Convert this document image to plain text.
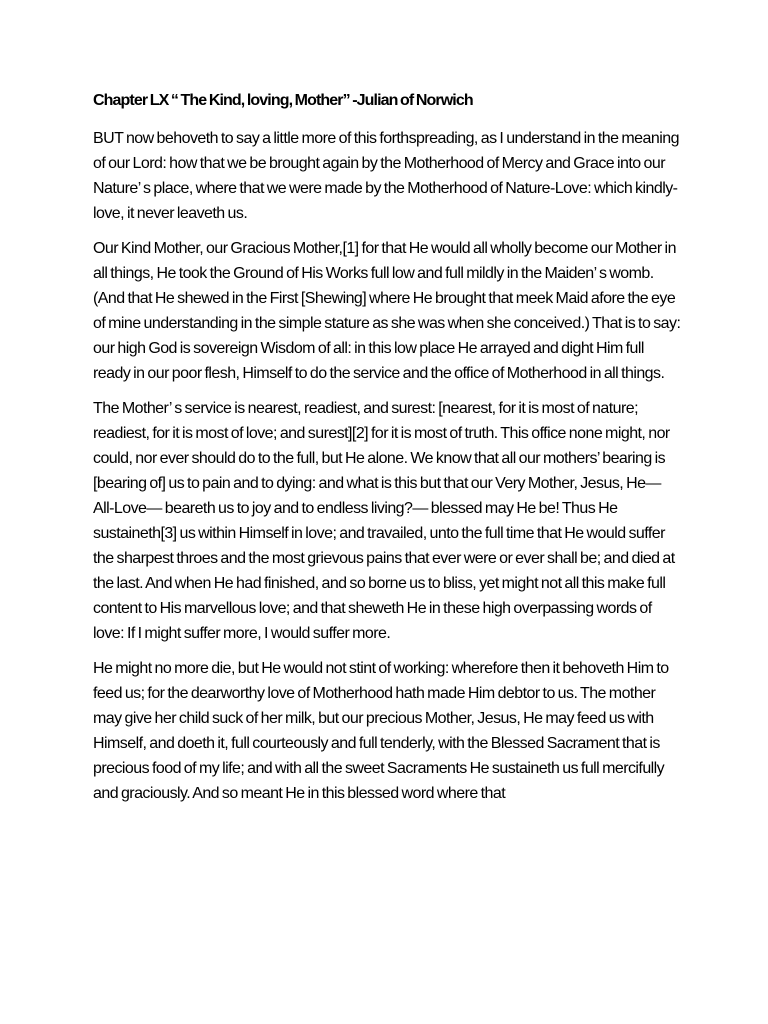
Chapter LX “ The Kind, loving, Mother” -Julian of Norwich

BUT now behoveth to say a little more of this forthspreading, as I understand in the meaning of our Lord: how that we be brought again by the Motherhood of Mercy and Grace into our Nature’ s place, where that we were made by the Motherhood of Nature-Love: which kindly-love, it never leaveth us.

Our Kind Mother, our Gracious Mother,[1] for that He would all wholly become our Mother in all things, He took the Ground of His Works full low and full mildly in the Maiden’ s womb. (And that He shewed in the First [Shewing] where He brought that meek Maid afore the eye of mine understanding in the simple stature as she was when she conceived.) That is to say: our high God is sovereign Wisdom of all: in this low place He arrayed and dight Him full ready in our poor flesh, Himself to do the service and the office of Motherhood in all things.

The Mother’ s service is nearest, readiest, and surest: [nearest, for it is most of nature; readiest, for it is most of love; and surest][2] for it is most of truth. This office none might, nor could, nor ever should do to the full, but He alone. We know that all our mothers’ bearing is [bearing of] us to pain and to dying: and what is this but that our Very Mother, Jesus, He— All-Love— beareth us to joy and to endless living?— blessed may He be! Thus He sustaineth[3] us within Himself in love; and travailed, unto the full time that He would suffer the sharpest throes and the most grievous pains that ever were or ever shall be; and died at the last. And when He had finished, and so borne us to bliss, yet might not all this make full content to His marvellous love; and that sheweth He in these high overpassing words of love: If I might suffer more, I would suffer more.

He might no more die, but He would not stint of working: wherefore then it behoveth Him to feed us; for the dearworthy love of Motherhood hath made Him debtor to us. The mother may give her child suck of her milk, but our precious Mother, Jesus, He may feed us with Himself, and doeth it, full courteously and full tenderly, with the Blessed Sacrament that is precious food of my life; and with all the sweet Sacraments He sustaineth us full mercifully and graciously. And so meant He in this blessed word where that
